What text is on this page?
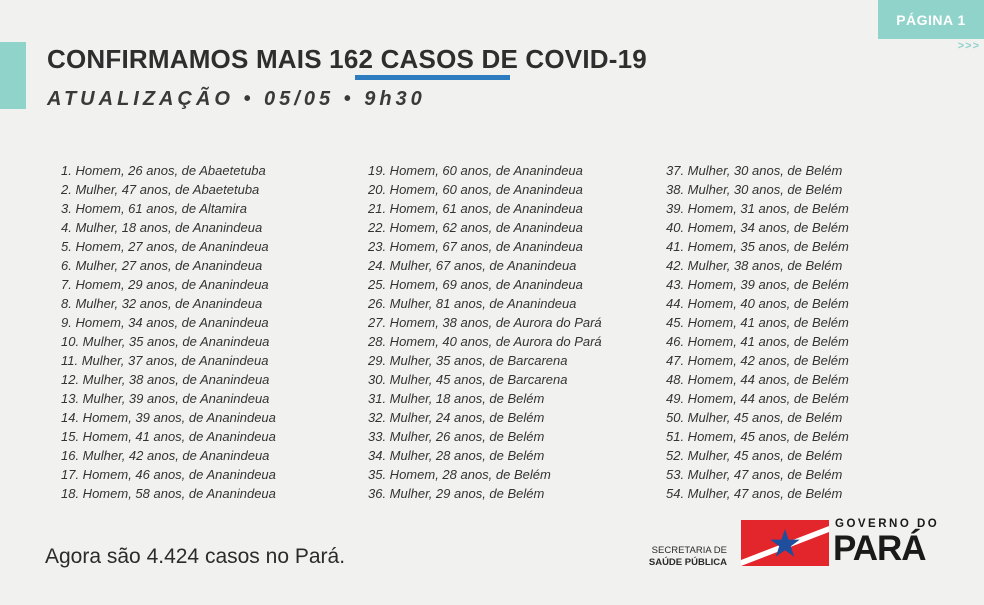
PÁGINA 1
>>>
CONFIRMAMOS MAIS 162 CASOS DE COVID-19
ATUALIZAÇÃO • 05/05 • 9h30
1. Homem, 26 anos, de Abaetetuba
2. Mulher, 47 anos, de Abaetetuba
3. Homem, 61 anos, de Altamira
4. Mulher, 18 anos, de Ananindeua
5. Homem, 27 anos, de Ananindeua
6. Mulher, 27 anos, de Ananindeua
7. Homem, 29 anos, de Ananindeua
8. Mulher, 32 anos, de Ananindeua
9. Homem, 34 anos, de Ananindeua
10. Mulher, 35 anos, de Ananindeua
11. Mulher, 37 anos, de Ananindeua
12. Mulher, 38 anos, de Ananindeua
13. Mulher, 39 anos, de Ananindeua
14. Homem, 39 anos, de Ananindeua
15. Homem, 41 anos, de Ananindeua
16. Mulher, 42 anos, de Ananindeua
17. Homem, 46 anos, de Ananindeua
18. Homem, 58 anos, de Ananindeua
19. Homem, 60 anos, de Ananindeua
20. Homem, 60 anos, de Ananindeua
21. Homem, 61 anos, de Ananindeua
22. Homem, 62 anos, de Ananindeua
23. Homem, 67 anos, de Ananindeua
24. Mulher, 67 anos, de Ananindeua
25. Homem, 69 anos, de Ananindeua
26. Mulher, 81 anos, de Ananindeua
27. Homem, 38 anos, de Aurora do Pará
28. Homem, 40 anos, de Aurora do Pará
29. Mulher, 35 anos, de Barcarena
30. Mulher, 45 anos, de Barcarena
31. Mulher, 18 anos, de Belém
32. Mulher, 24 anos, de Belém
33. Mulher, 26 anos, de Belém
34. Mulher, 28 anos, de Belém
35. Homem, 28 anos, de Belém
36. Mulher, 29 anos, de Belém
37. Mulher, 30 anos, de Belém
38. Mulher, 30 anos, de Belém
39. Homem, 31 anos, de Belém
40. Homem, 34 anos, de Belém
41. Homem, 35 anos, de Belém
42. Mulher, 38 anos, de Belém
43. Homem, 39 anos, de Belém
44. Homem, 40 anos, de Belém
45. Homem, 41 anos, de Belém
46. Homem, 41 anos, de Belém
47. Homem, 42 anos, de Belém
48. Homem, 44 anos, de Belém
49. Homem, 44 anos, de Belém
50. Mulher, 45 anos, de Belém
51. Homem, 45 anos, de Belém
52. Mulher, 45 anos, de Belém
53. Mulher, 47 anos, de Belém
54. Mulher, 47 anos, de Belém
Agora são 4.424 casos no Pará.	SECRETARIA DE
SAÚDE PÚBLICA
GOVERNO DO
PARÁ
